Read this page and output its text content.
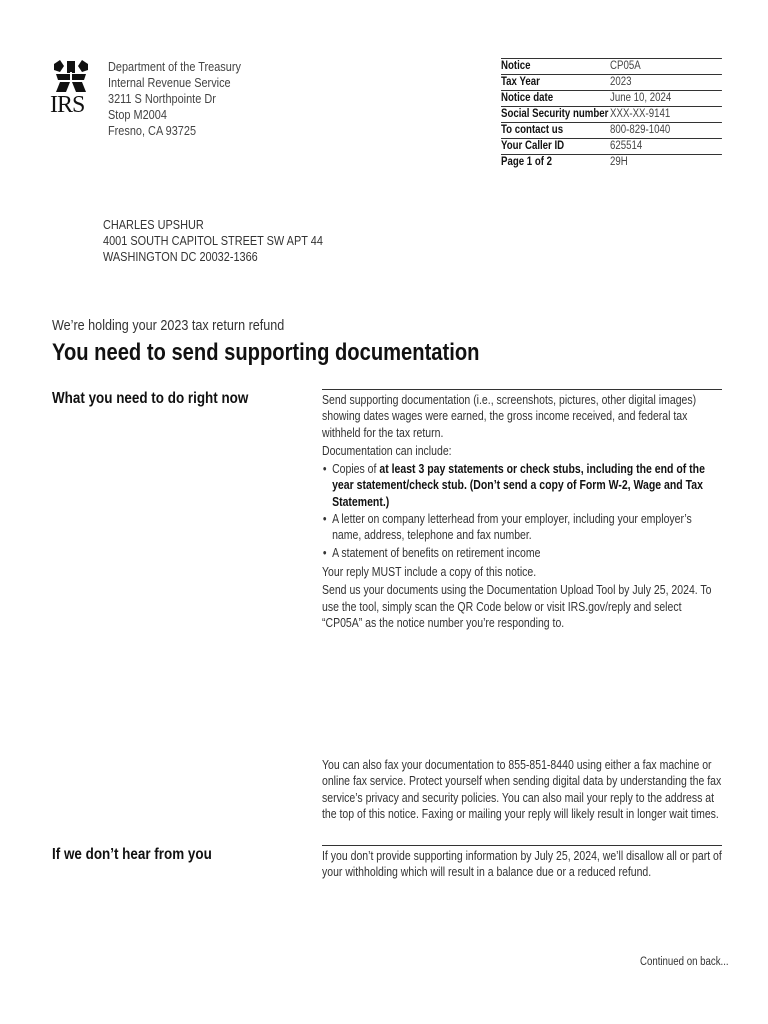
IRS
Department of the Treasury
Internal Revenue Service
3211 S Northpointe Dr
Stop M2004
Fresno, CA 93725
Notice	CP05A
Tax Year	2023
Notice date	June 10, 2024
Social Security number	XXX-XX-9141
To contact us	800-829-1040
Your Caller ID	625514
Page 1 of 2	29H
CHARLES UPSHUR
4001 SOUTH CAPITOL STREET SW APT 44
WASHINGTON DC 20032-1366
We’re holding your 2023 tax return refund
You need to send supporting documentation
What you need to do right now	Send supporting documentation (i.e., screenshots, pictures, other digital images) showing dates wages were earned, the gross income received, and federal tax withheld for the tax return.

Documentation can include:

• Copies of at least 3 pay statements or check stubs, including the end of the year statement/check stub. (Don’t send a copy of Form W-2, Wage and Tax Statement.)
• A letter on company letterhead from your employer, including your employer’s name, address, telephone and fax number.
• A statement of benefits on retirement income

Your reply MUST include a copy of this notice.

Send us your documents using the Documentation Upload Tool by July 25, 2024. To use the tool, simply scan the QR Code below or visit IRS.gov/reply and select “CP05A” as the notice number you’re responding to.

You can also fax your documentation to 855-851-8440 using either a fax machine or online fax service. Protect yourself when sending digital data by understanding the fax service’s privacy and security policies. You can also mail your reply to the address at the top of this notice. Faxing or mailing your reply will likely result in longer wait times.
If we don’t hear from you	If you don’t provide supporting information by July 25, 2024, we’ll disallow all or part of your withholding which will result in a balance due or a reduced refund.
Continued on back...
